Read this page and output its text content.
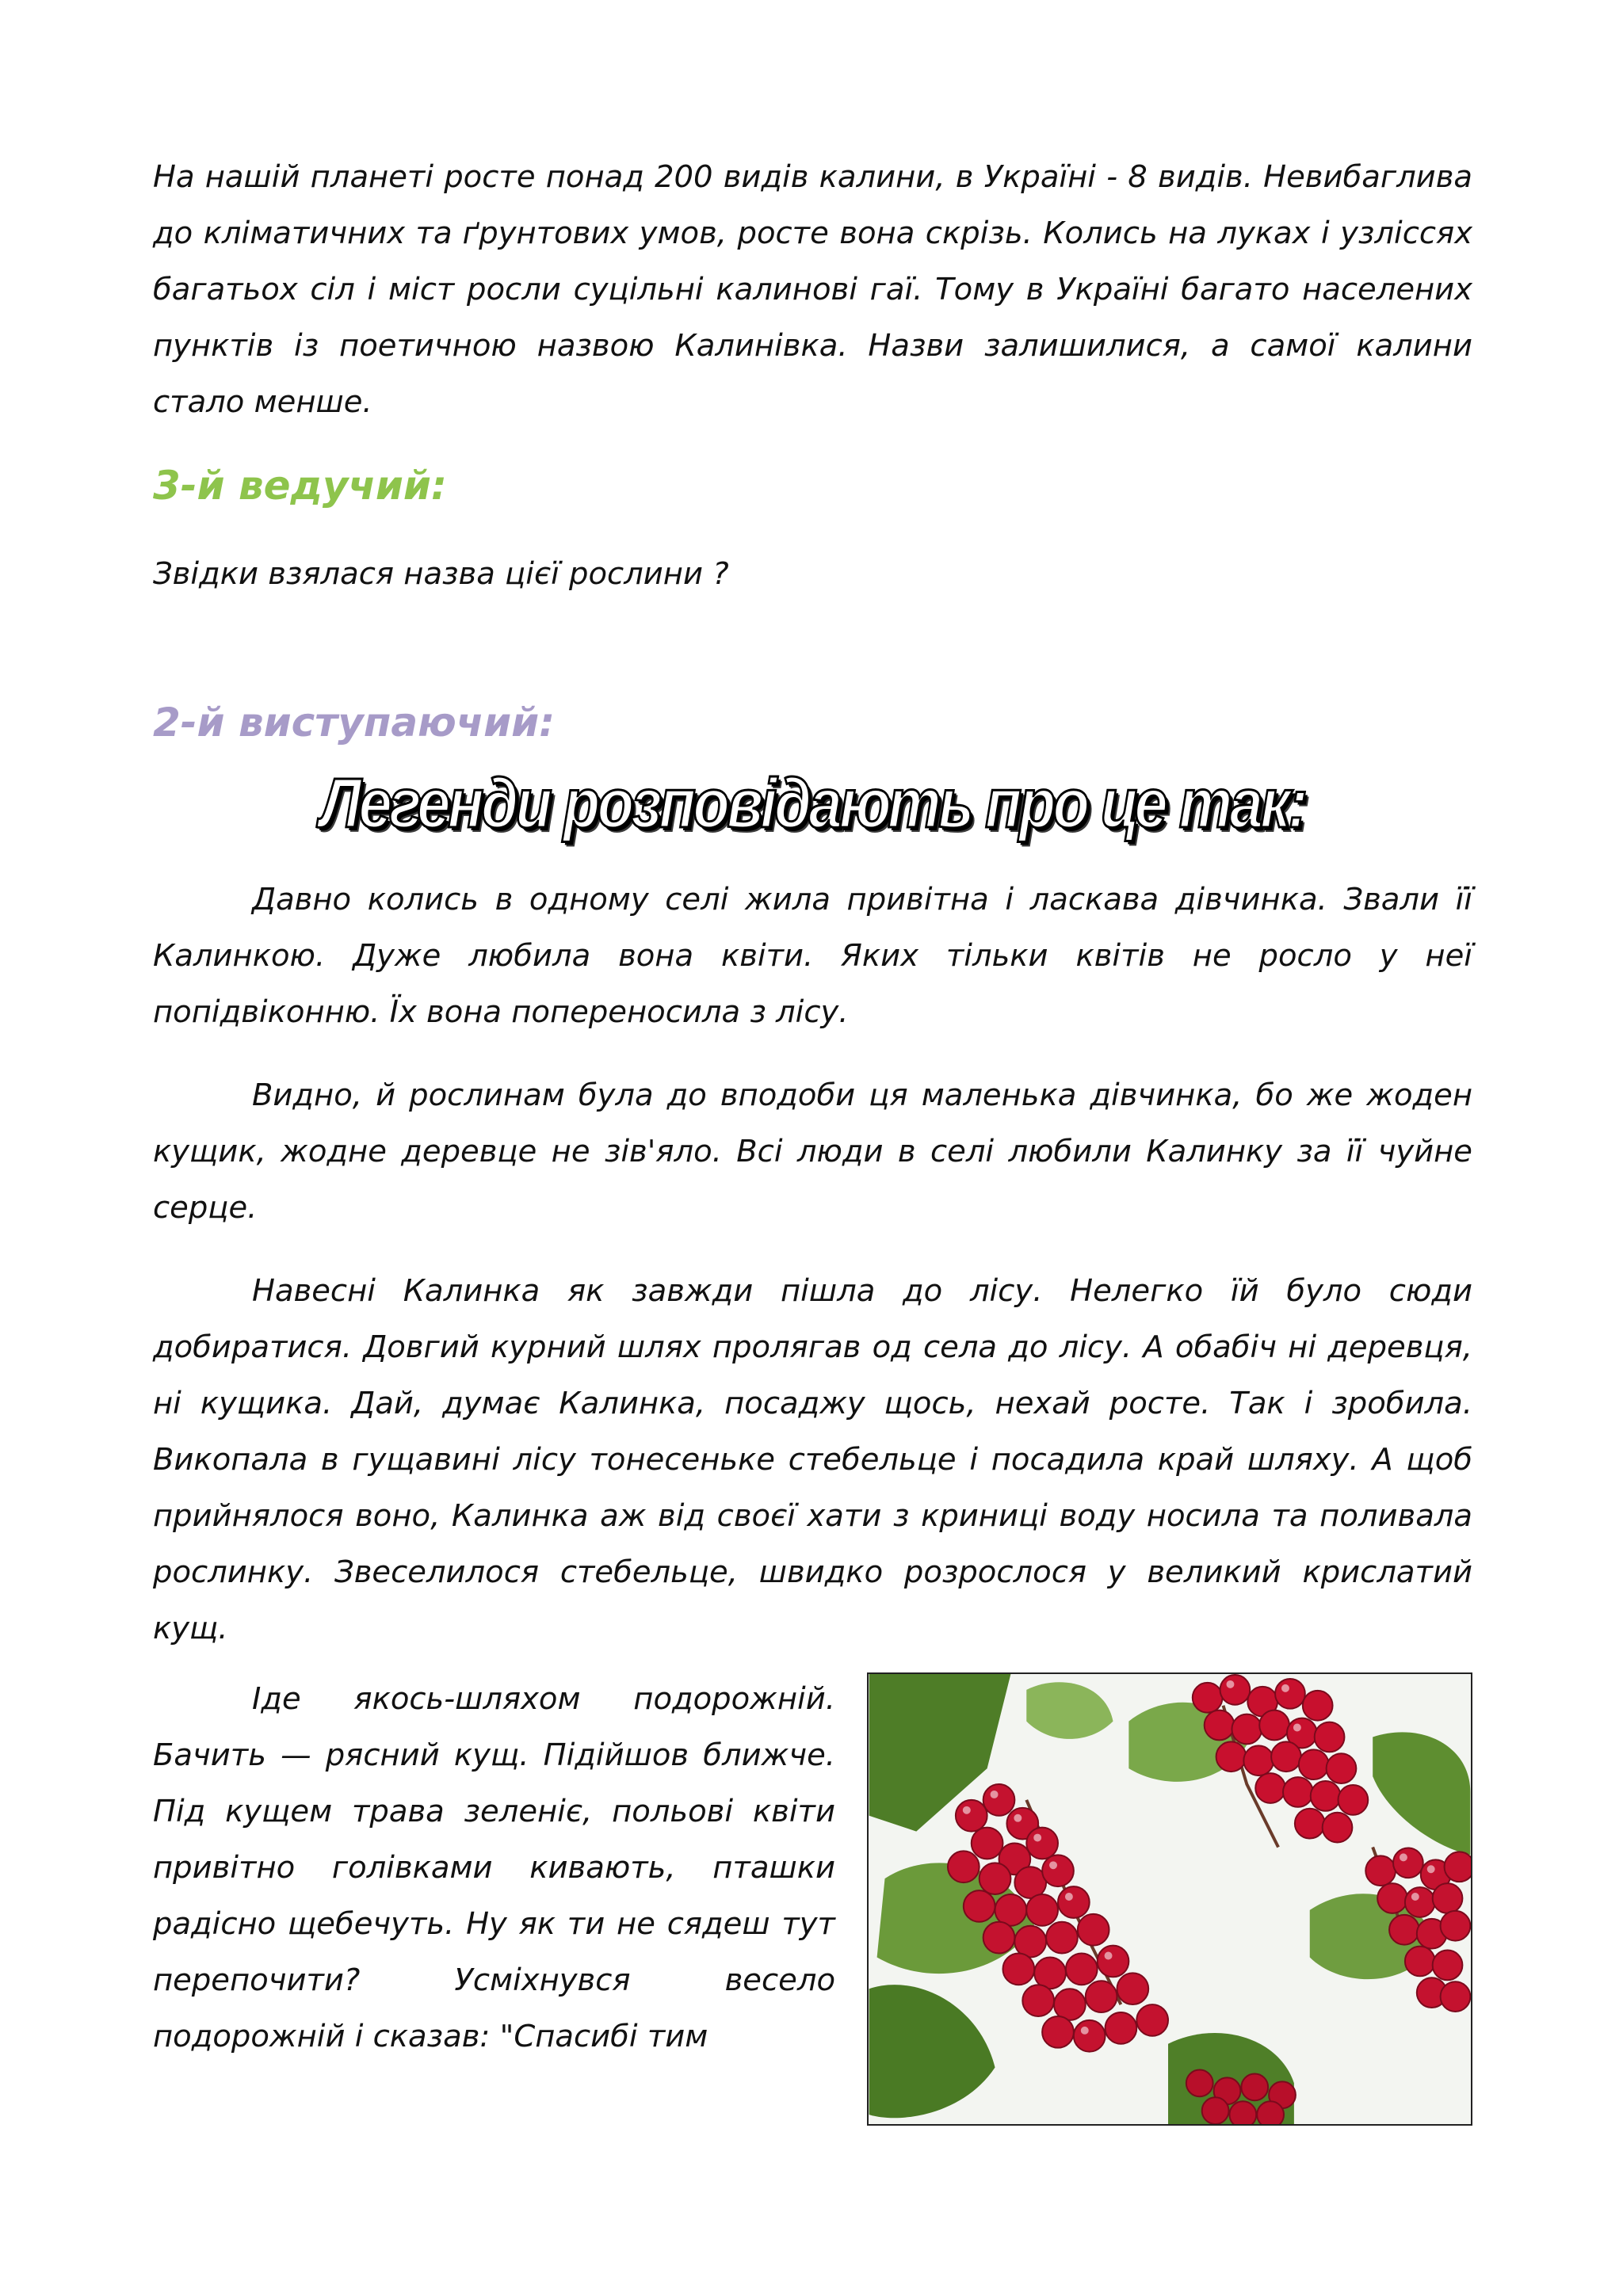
На нашій планеті росте понад 200 видів калини, в Україні - 8 видів. Невибаглива до кліматичних та ґрунтових умов, росте вона скрізь. Колись на луках і узліссях багатьох сіл і міст росли суцільні калинові гаї. Тому в Україні багато населених пунктів із поетичною назвою Калинівка. Назви залишилися, а самої калини стало менше.

3-й ведучий:

Звідки взялася назва цієї рослини ?

2-й виступаючий:

Легенди розповідають про це так:

Давно колись в одному селі жила привітна і ласкава дівчинка. Звали її Калинкою. Дуже любила вона квіти. Яких тільки квітів не росло у неї попідвіконню. Їх вона попереносила з лісу.

Видно, й рослинам була до вподоби ця маленька дівчинка, бо же жоден кущик, жодне деревце не зів'яло. Всі люди в селі любили Калинку за її чуйне серце.

Навесні Калинка як завжди пішла до лісу. Нелегко їй було сюди добиратися. Довгий курний шлях пролягав од села до лісу. А обабіч ні деревця, ні кущика. Дай, думає Калинка, посаджу щось, нехай росте. Так і зробила. Викопала в гущавині лісу тонесеньке стебельце і посадила край шляху. А щоб прийнялося воно, Калинка аж від своєї хати з криниці воду носила та поливала рослинку. Звеселилося стебельце, швидко розрослося у великий крислатий кущ.

Іде якось-шляхом подорожній. Бачить — рясний кущ. Підійшов ближче. Під кущем трава зеленіє, польові квіти привітно голівками кивають, пташки радісно щебечуть. Ну як ти не сядеш тут перепочити? Усміхнувся весело подорожній і сказав: "Спасибі тим
